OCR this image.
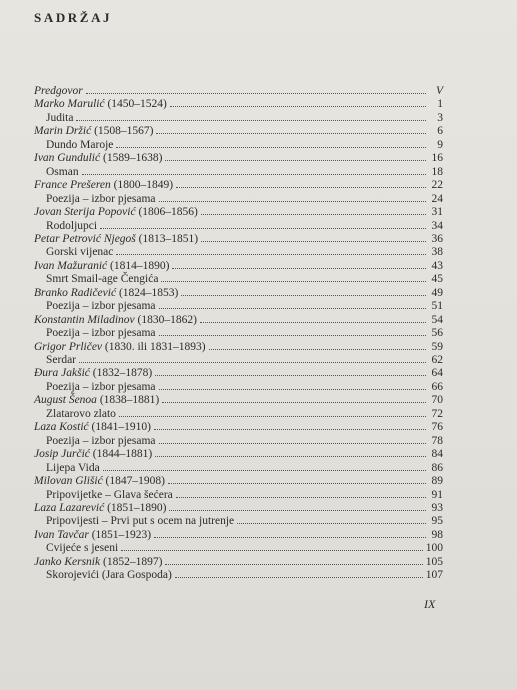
SADRŽAJ
Predgovor	V
Marko Marulić (1450–1524)	1
Judita	3
Marin Držić (1508–1567)	6
Dundo Maroje	9
Ivan Gundulić (1589–1638)	16
Osman	18
France Prešeren (1800–1849)	22
Poezija – izbor pjesama	24
Jovan Sterija Popović (1806–1856)	31
Rodoljupci	34
Petar Petrović Njegoš (1813–1851)	36
Gorski vijenac	38
Ivan Mažuranić (1814–1890)	43
Smrt Smail-age Čengića	45
Branko Radičević (1824–1853)	49
Poezija – izbor pjesama	51
Konstantin Miladinov (1830–1862)	54
Poezija – izbor pjesama	56
Grigor Prličev (1830. ili 1831–1893)	59
Serdar	62
Đura Jakšić (1832–1878)	64
Poezija – izbor pjesama	66
August Šenoa (1838–1881)	70
Zlatarovo zlato	72
Laza Kostić (1841–1910)	76
Poezija – izbor pjesama	78
Josip Jurčić (1844–1881)	84
Lijepa Vida	86
Milovan Glišić (1847–1908)	89
Pripovijetke – Glava šećera	91
Laza Lazarević (1851–1890)	93
Pripovijesti – Prvi put s ocem na jutrenje	95
Ivan Tavčar (1851–1923)	98
Cvijeće s jeseni	100
Janko Kersnik (1852–1897)	105
Skorojevići (Jara Gospoda)	107
IX
